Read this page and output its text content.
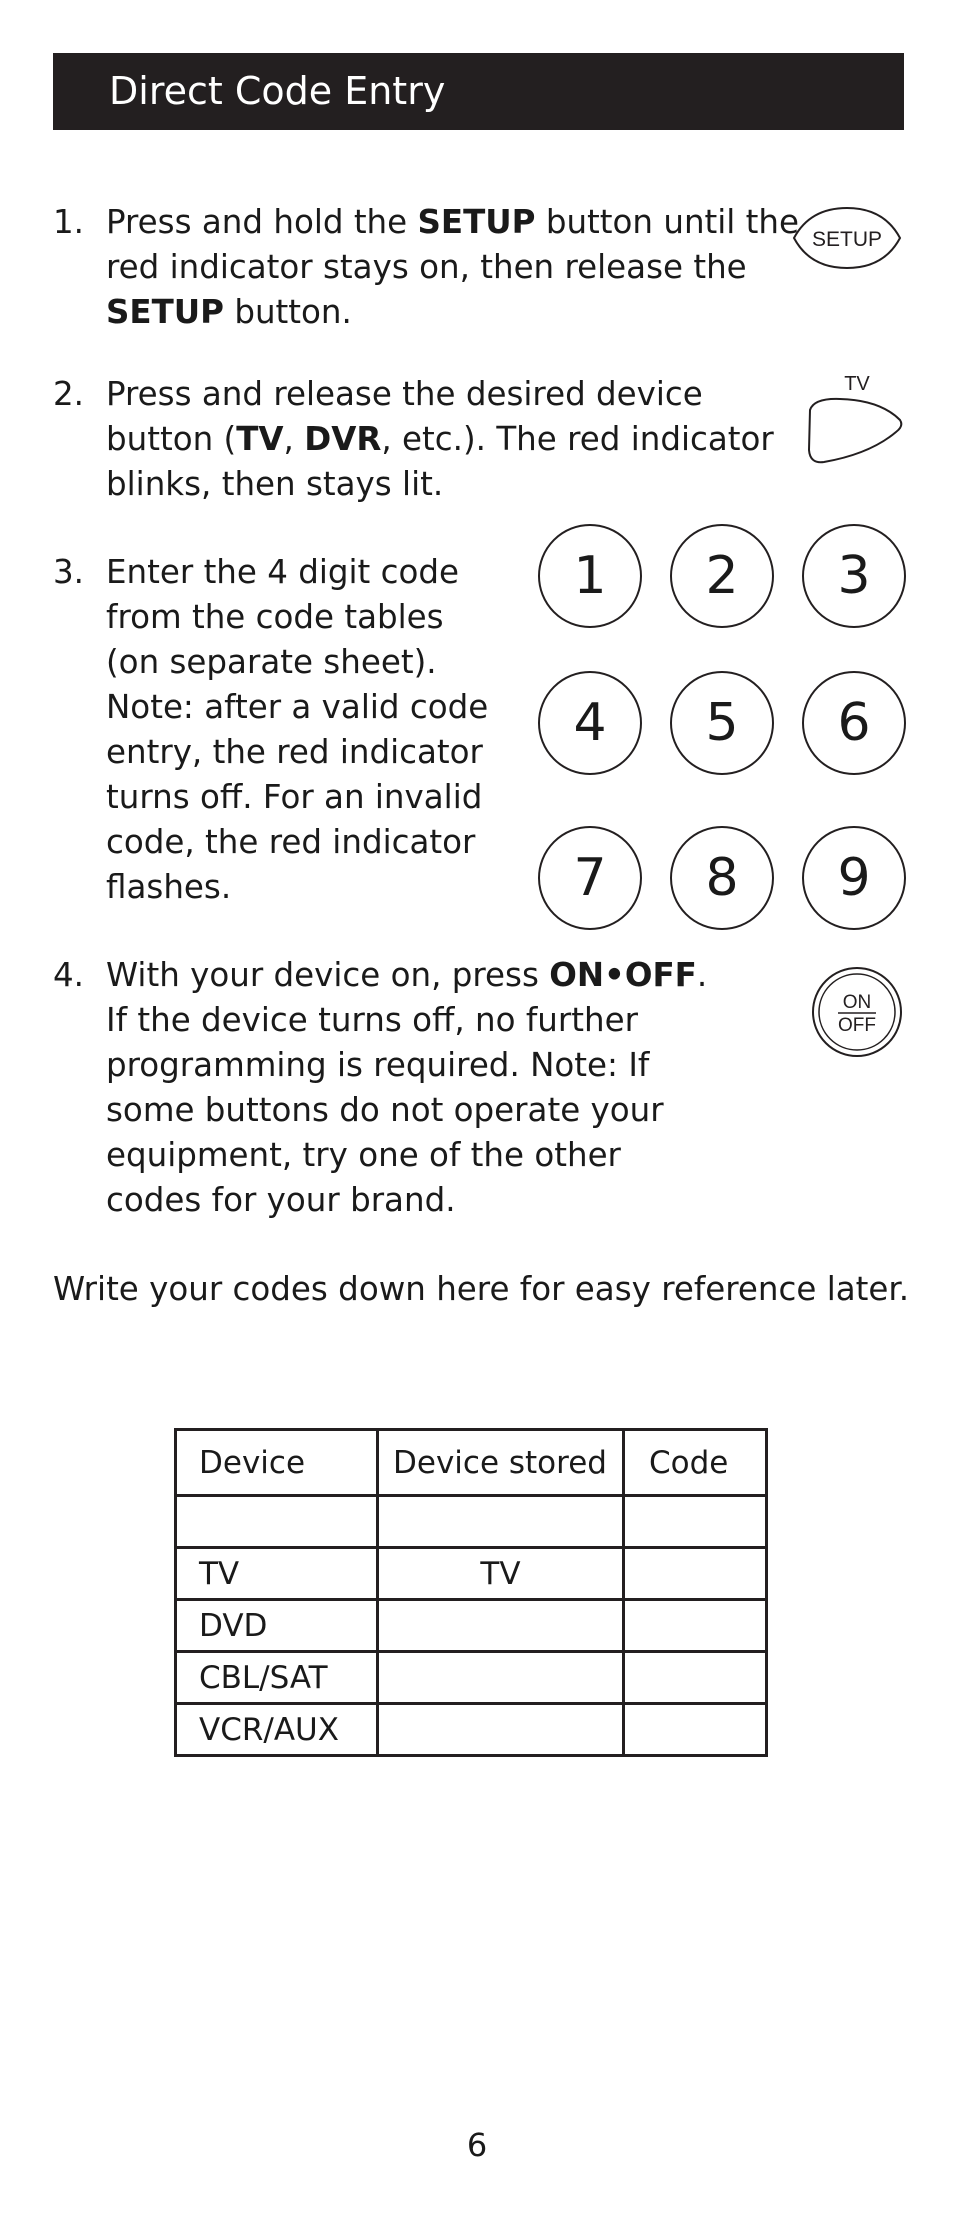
Direct Code Entry
1. Press and hold the SETUP button until the
red indicator stays on, then release the
SETUP button.
2. Press and release the desired device
button (TV, DVR, etc.). The red indicator
blinks, then stays lit.
3. Enter the 4 digit code
from the code tables
(on separate sheet).
Note: after a valid code
entry, the red indicator
turns off. For an invalid
code, the red indicator
flashes.
4. With your device on, press ON•OFF.
If the device turns off, no further
programming is required. Note: If
some buttons do not operate your
equipment, try one of the other
codes for your brand.
SETUP
TV
1	2	3
4	5	6
7	8	9
ON
OFF
Write your codes down here for easy reference later.
Device	Device stored	Code

TV	TV	
DVD		
CBL/SAT		
VCR/AUX		
6
